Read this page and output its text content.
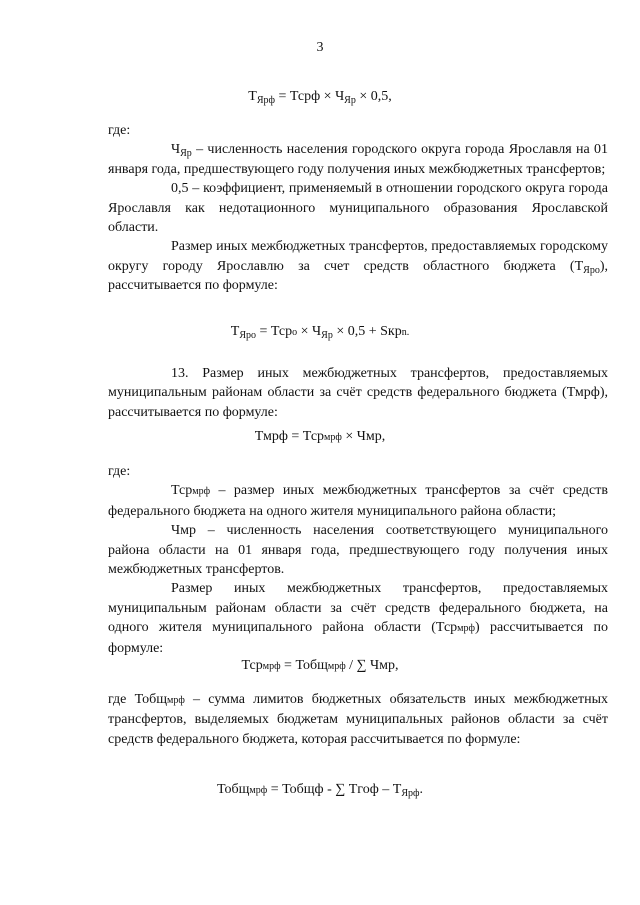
3
$Т_{Ярф}$ = Тсрф × $Ч_{Яр} \times 0,5$,

где:

$Ч_{Яр}$ – численность населения городского округа города Ярославля на 01 января года, предшествующего году получения иных межбюджетных трансфертов;

0,5 – коэффициент, применяемый в отношении городского округа города Ярославля как недотационного муниципального образования Ярославской области.

Размер иных межбюджетных трансфертов, предоставляемых городскому округу городу Ярославлю за счет средств областного бюджета $(Т_{Яро})$, рассчитывается по формуле:

$Т_{Яро}$ = Тсро × $Ч_{Яр} \times 0,5$ + Sкрn.

13. Размер иных межбюджетных трансфертов, предоставляемых муниципальным районам области за счёт средств федерального бюджета (Тмрф), рассчитывается по формуле:

Тмрф = Тсрмрф × Чмр,

где:

Тсрмрф – размер иных межбюджетных трансфертов за счёт средств федерального бюджета на одного жителя муниципального района области;

Чмр – численность населения соответствующего муниципального района области на 01 января года, предшествующего году получения иных межбюджетных трансфертов.

Размер иных межбюджетных трансфертов, предоставляемых муниципальным районам области за счёт средств федерального бюджета, на одного жителя муниципального района области (Тсрмрф) рассчитывается по формуле:

Тсрмрф = Тобщмрф / ∑ Чмр,

где Тобщмрф – сумма лимитов бюджетных обязательств иных межбюджетных трансфертов, выделяемых бюджетам муниципальных районов области за счёт средств федерального бюджета, которая рассчитывается по формуле:

Тобщмрф = Тобщф - ∑ Тгоф – $Т_{Ярф}$.
